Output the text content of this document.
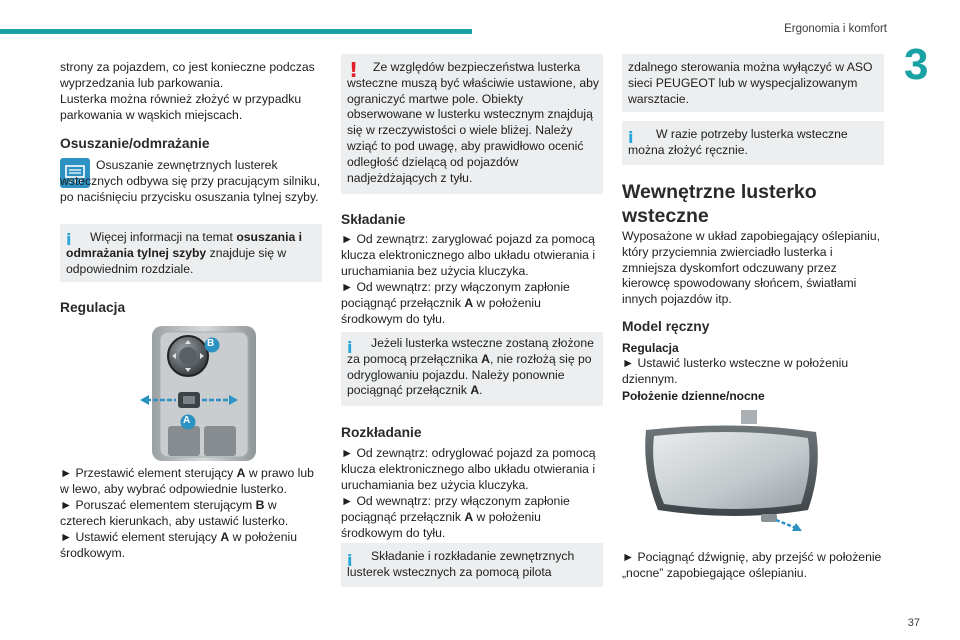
Ergonomia i komfort
3
37

strony za pojazdem, co jest konieczne podczas wyprzedzania lub parkowania.

Lusterka można również złożyć w przypadku parkowania w wąskich miejscach.

Osuszanie/odmrażanie

Osuszanie zewnętrznych lusterek wstecznych odbywa się przy pracującym silniku, po naciśnięciu przycisku osuszania tylnej szyby.

i	Więcej informacji na temat osuszania i odmrażania tylnej szyby znajduje się w odpowiednim rozdziale.

Regulacja
B
A

► Przestawić element sterujący A w prawo lub w lewo, aby wybrać odpowiednie lusterko.

► Poruszać elementem sterującym B w czterech kierunkach, aby ustawić lusterko.

► Ustawić element sterujący A w położeniu środkowym.

!	Ze względów bezpieczeństwa lusterka wsteczne muszą być właściwie ustawione, aby ograniczyć martwe pole. Obiekty obserwowane w lusterku wstecznym znajdują się w rzeczywistości o wiele bliżej. Należy wziąć to pod uwagę, aby prawidłowo ocenić odległość dzielącą od pojazdów nadjeżdżających z tyłu.

Składanie

► Od zewnątrz: zaryglować pojazd za pomocą klucza elektronicznego albo układu otwierania i uruchamiania bez użycia kluczyka.

► Od wewnątrz: przy włączonym zapłonie pociągnąć przełącznik A w położeniu środkowym do tyłu.

i	Jeżeli lusterka wsteczne zostaną złożone za pomocą przełącznika A, nie rozłożą się po odryglowaniu pojazdu. Należy ponownie pociągnąć przełącznik A.

Rozkładanie

► Od zewnątrz: odryglować pojazd za pomocą klucza elektronicznego albo układu otwierania i uruchamiania bez użycia kluczyka.

► Od wewnątrz: przy włączonym zapłonie pociągnąć przełącznik A w położeniu środkowym do tyłu.

i	Składanie i rozkładanie zewnętrznych lusterek wstecznych za pomocą pilota

zdalnego sterowania można wyłączyć w ASO sieci PEUGEOT lub w wyspecjalizowanym warsztacie.

i	W razie potrzeby lusterka wsteczne można złożyć ręcznie.

Wewnętrzne lusterko wsteczne

Wyposażone w układ zapobiegający oślepianiu, który przyciemnia zwierciadło lusterka i zmniejsza dyskomfort odczuwany przez kierowcę spowodowany słońcem, światłami innych pojazdów itp.

Model ręczny
Regulacja

► Ustawić lusterko wsteczne w położeniu dziennym.

Położenie dzienne/nocne

► Pociągnąć dźwignię, aby przejść w położenie „nocne” zapobiegające oślepianiu.
